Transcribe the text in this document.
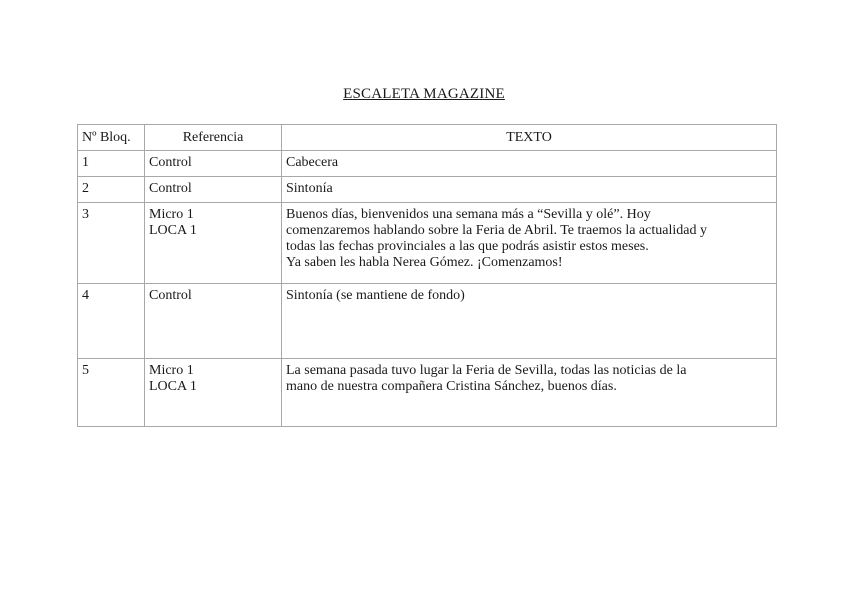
ESCALETA MAGAZINE
Nº Bloq.	Referencia	TEXTO
1	Control	Cabecera

2	Control	Sintonía

3	Micro 1
LOCA 1	Buenos días, bienvenidos una semana más a “Sevilla y olé”. Hoy
comenzaremos hablando sobre la Feria de Abril. Te traemos la actualidad y
todas las fechas provinciales a las que podrás asistir estos meses.
Ya saben les habla Nerea Gómez. ¡Comenzamos!

4	Control	Sintonía (se mantiene de fondo)

5	Micro 1
LOCA 1	La semana pasada tuvo lugar la Feria de Sevilla, todas las noticias de la
mano de nuestra compañera Cristina Sánchez, buenos días.
